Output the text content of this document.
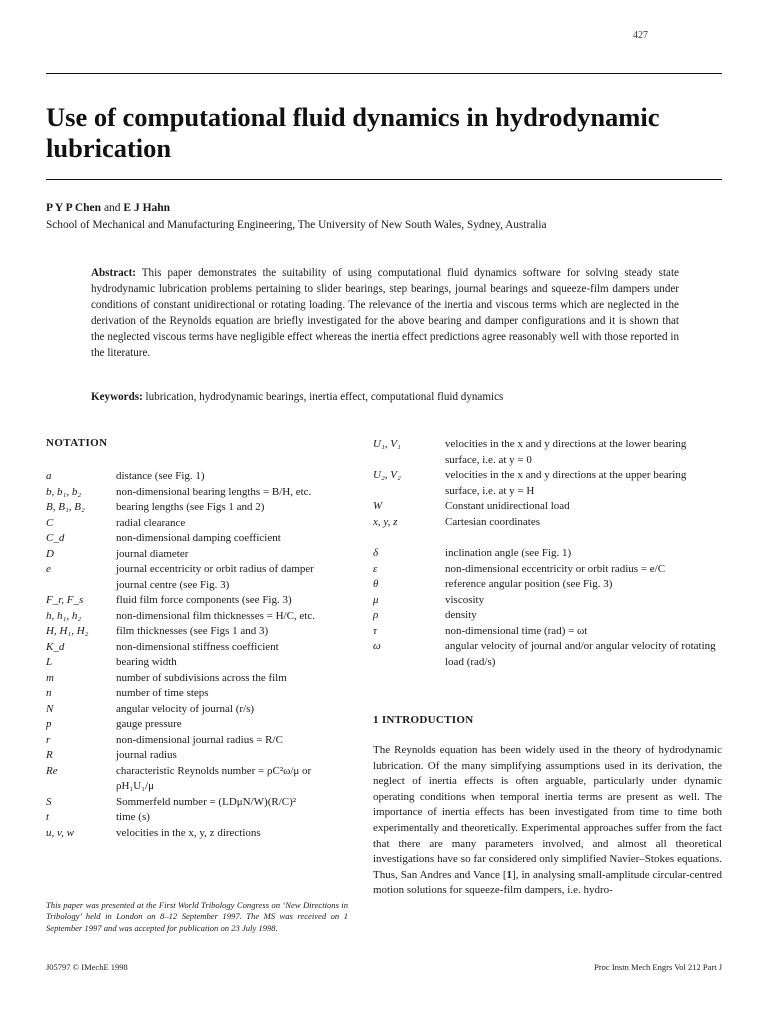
427
Use of computational fluid dynamics in hydrodynamic lubrication
P Y P Chen and E J Hahn
School of Mechanical and Manufacturing Engineering, The University of New South Wales, Sydney, Australia

Abstract: This paper demonstrates the suitability of using computational fluid dynamics software for solving steady state hydrodynamic lubrication problems pertaining to slider bearings, step bearings, journal bearings and squeeze-film dampers under conditions of constant unidirectional or rotating loading. The relevance of the inertia and viscous terms which are neglected in the derivation of the Reynolds equation are briefly investigated for the above bearing and damper configurations and it is shown that the neglected viscous terms have negligible effect whereas the inertia effect predictions agree reasonably well with those reported in the literature.

Keywords: lubrication, hydrodynamic bearings, inertia effect, computational fluid dynamics

NOTATION
a	distance (see Fig. 1)
b, b₁, b₂	non-dimensional bearing lengths = B/H, etc.
B, B₁, B₂	bearing lengths (see Figs 1 and 2)
C	radial clearance
C_d	non-dimensional damping coefficient
D	journal diameter
e	journal eccentricity or orbit radius of damper journal centre (see Fig. 3)
F_r, F_s	fluid film force components (see Fig. 3)
h, h₁, h₂	non-dimensional film thicknesses = H/C, etc.
H, H₁, H₂	film thicknesses (see Figs 1 and 3)
K_d	non-dimensional stiffness coefficient
L	bearing width
m	number of subdivisions across the film
n	number of time steps
N	angular velocity of journal (r/s)
p	gauge pressure
r	non-dimensional journal radius = R/C
R	journal radius
Re	characteristic Reynolds number = ρC²ω/μ or ρH₁U₁/μ
S	Sommerfeld number = (LDμN/W)(R/C)²
t	time (s)
u, v, w	velocities in the x, y, z directions
U₁, V₁	velocities in the x and y directions at the lower bearing surface, i.e. at y = 0
U₂, V₂	velocities in the x and y directions at the upper bearing surface, i.e. at y = H
W	Constant unidirectional load
x, y, z	Cartesian coordinates
δ	inclination angle (see Fig. 1)
ε	non-dimensional eccentricity or orbit radius = e/C
θ	reference angular position (see Fig. 3)
μ	viscosity
ρ	density
τ	non-dimensional time (rad) = ωt
ω	angular velocity of journal and/or angular velocity of rotating load (rad/s)
1 INTRODUCTION

The Reynolds equation has been widely used in the theory of hydrodynamic lubrication. Of the many simplifying assumptions used in its derivation, the neglect of inertia effects is often arguable, particularly under dynamic operating conditions when temporal inertia terms are present as well. The importance of inertia effects has been investigated from time to time both experimentally and theoretically. Experimental approaches suffer from the fact that there are many parameters involved, and almost all theoretical investigations have so far considered only simplified Navier–Stokes equations. Thus, San Andres and Vance [1], in analysing small-amplitude circular-centred motion solutions for squeeze-film dampers, i.e. hydro-

This paper was presented at the First World Tribology Congress on ‘New Directions in Tribology’ held in London on 8–12 September 1997. The MS was received on 1 September 1997 and was accepted for publication on 23 July 1998.

J05797 © IMechE 1998	Proc Instn Mech Engrs Vol 212 Part J
